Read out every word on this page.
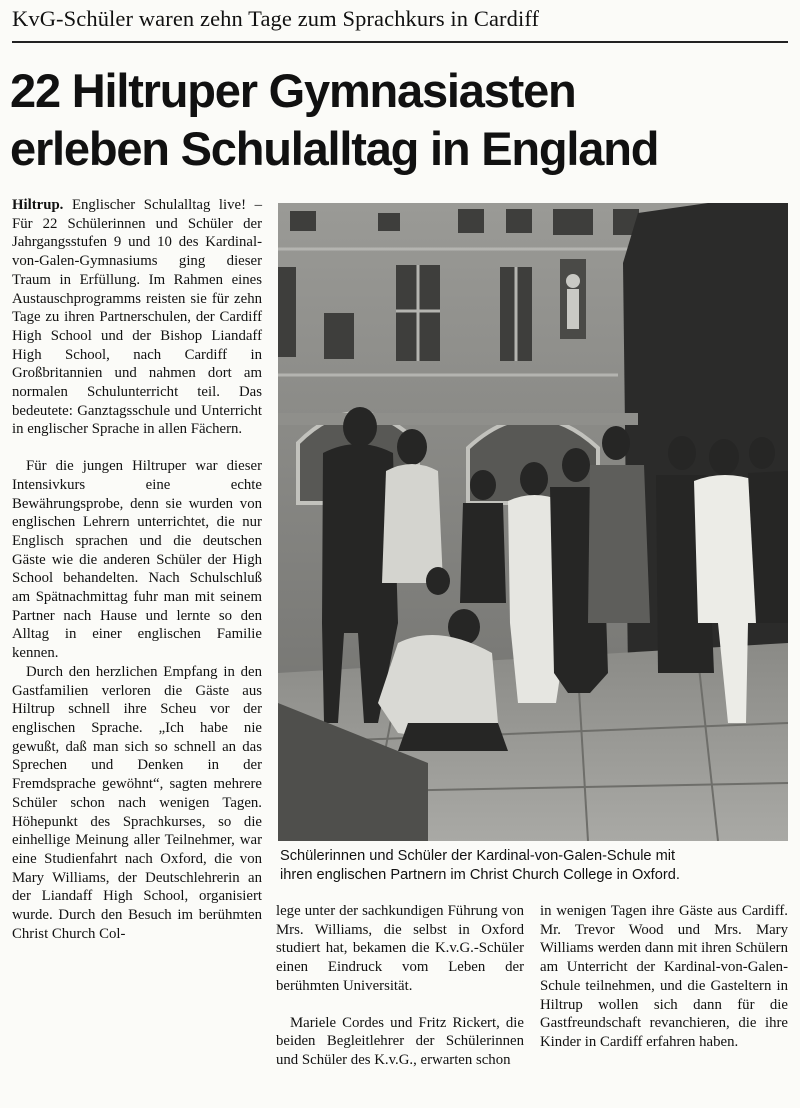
KvG-Schüler waren zehn Tage zum Sprachkurs in Cardiff
22 Hiltruper Gymnasiasten
erleben Schulalltag in England

Hiltrup. Englischer Schulalltag live! – Für 22 Schülerinnen und Schüler der Jahrgangsstufen 9 und 10 des Kardinal-von-Galen-Gymnasiums ging dieser Traum in Erfüllung. Im Rahmen eines Austauschprogramms reisten sie für zehn Tage zu ihren Partnerschulen, der Cardiff High School und der Bishop Liandaff High School, nach Cardiff in Großbritannien und nahmen dort am normalen Schulunterricht teil. Das bedeutete: Ganztagsschule und Unterricht in englischer Sprache in allen Fächern.

Für die jungen Hiltruper war dieser Intensivkurs eine echte Bewährungsprobe, denn sie wurden von englischen Lehrern unterrichtet, die nur Englisch sprachen und die deutschen Gäste wie die anderen Schüler der High School behandelten. Nach Schulschluß am Spätnachmittag fuhr man mit seinem Partner nach Hause und lernte so den Alltag in einer englischen Familie kennen.

Durch den herzlichen Empfang in den Gastfamilien verloren die Gäste aus Hiltrup schnell ihre Scheu vor der englischen Sprache. „Ich habe nie gewußt, daß man sich so schnell an das Sprechen und Denken in der Fremdsprache gewöhnt“, sagten mehrere Schüler schon nach wenigen Tagen. Höhepunkt des Sprachkurses, so die einhellige Meinung aller Teilnehmer, war eine Studienfahrt nach Oxford, die von Mary Williams, der Deutschlehrerin an der Liandaff High School, organisiert wurde. Durch den Besuch im berühmten Christ Church Col-

Schülerinnen und Schüler der Kardinal-von-Galen-Schule mit
ihren englischen Partnern im Christ Church College in Oxford.

lege unter der sachkundigen Führung von Mrs. Williams, die selbst in Oxford studiert hat, bekamen die K.v.G.-Schüler einen Eindruck vom Leben der berühmten Universität.

Mariele Cordes und Fritz Rickert, die beiden Begleitlehrer der Schülerinnen und Schüler des K.v.G., erwarten schon

in wenigen Tagen ihre Gäste aus Cardiff. Mr. Trevor Wood und Mrs. Mary Williams werden dann mit ihren Schülern am Unterricht der Kardinal-von-Galen-Schule teilnehmen, und die Gasteltern in Hiltrup wollen sich dann für die Gastfreundschaft revanchieren, die ihre Kinder in Cardiff erfahren haben.
